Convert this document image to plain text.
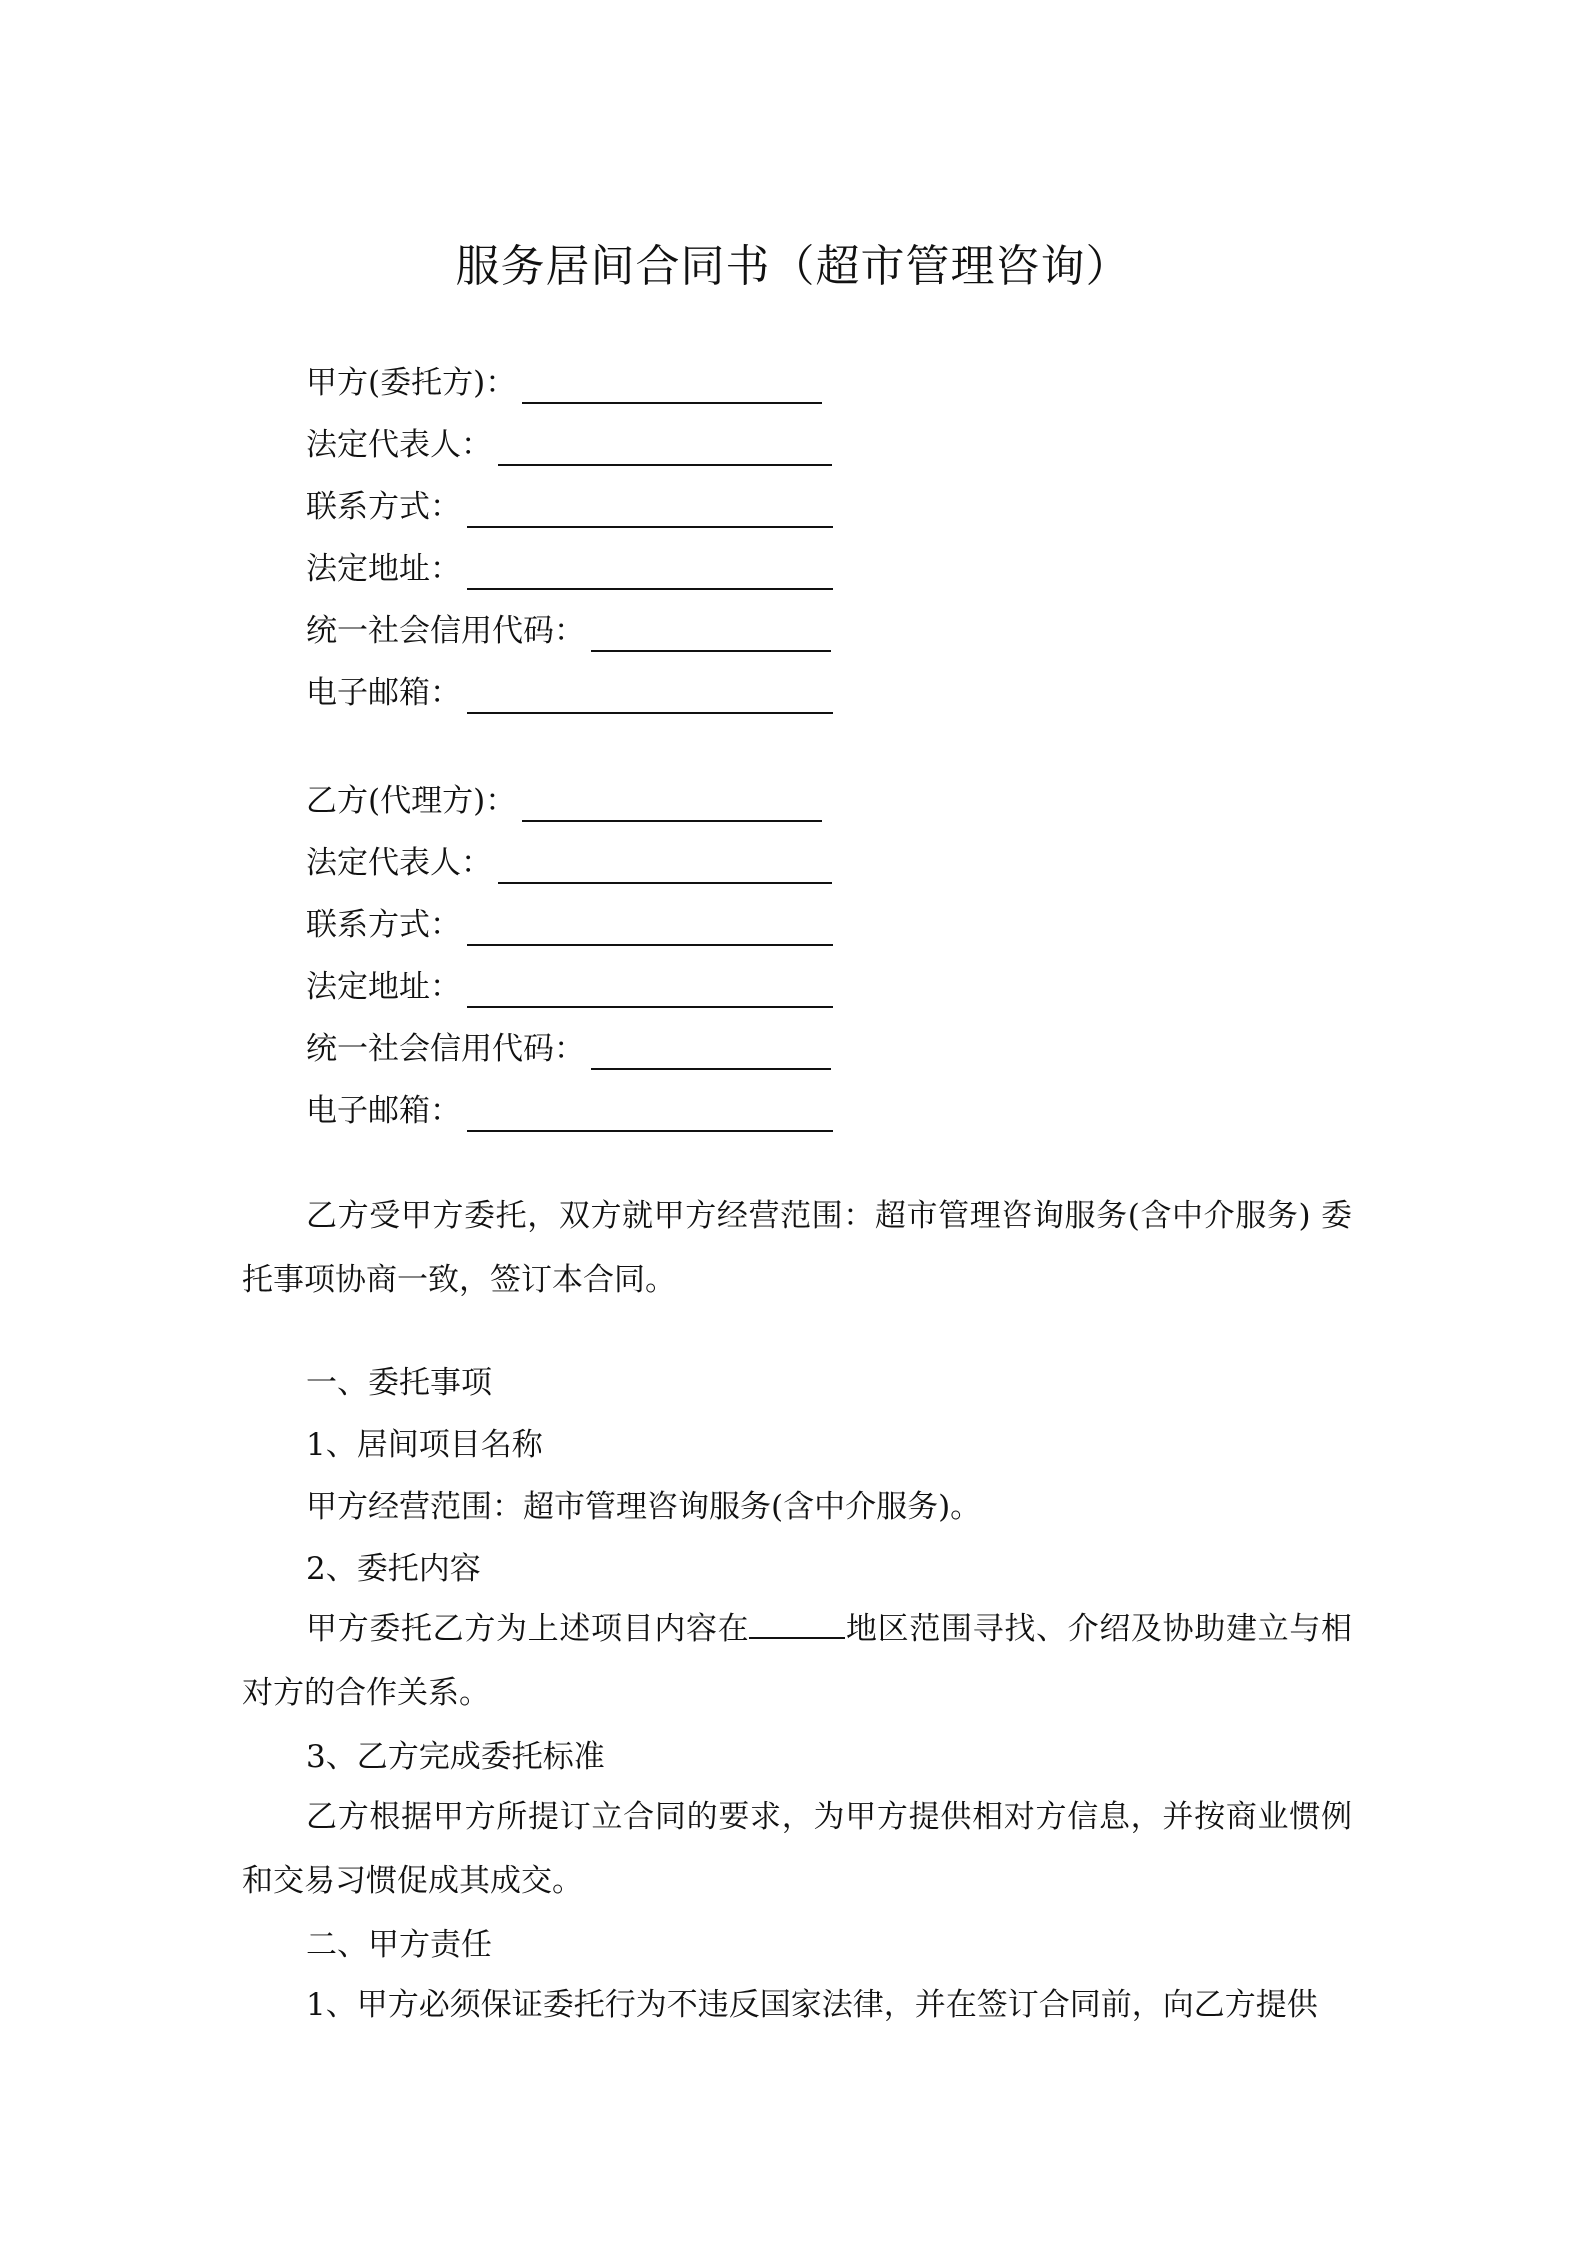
服务居间合同书（超市管理咨询）
甲方(委托方)：
法定代表人：
联系方式：
法定地址：
统一社会信用代码：
电子邮箱：
乙方(代理方)：
法定代表人：
联系方式：
法定地址：
统一社会信用代码：
电子邮箱：

乙方受甲方委托，双方就甲方经营范围：超市管理咨询服务(含中介服务) 委托事项协商一致，签订本合同。

一、委托事项
1、居间项目名称
甲方经营范围：超市管理咨询服务(含中介服务)。
2、委托内容

甲方委托乙方为上述项目内容在	地区范围寻找、介绍及协助建立与相对方的合作关系。

3、乙方完成委托标准

乙方根据甲方所提订立合同的要求，为甲方提供相对方信息，并按商业惯例和交易习惯促成其成交。

二、甲方责任

1、甲方必须保证委托行为不违反国家法律，并在签订合同前，向乙方提供
